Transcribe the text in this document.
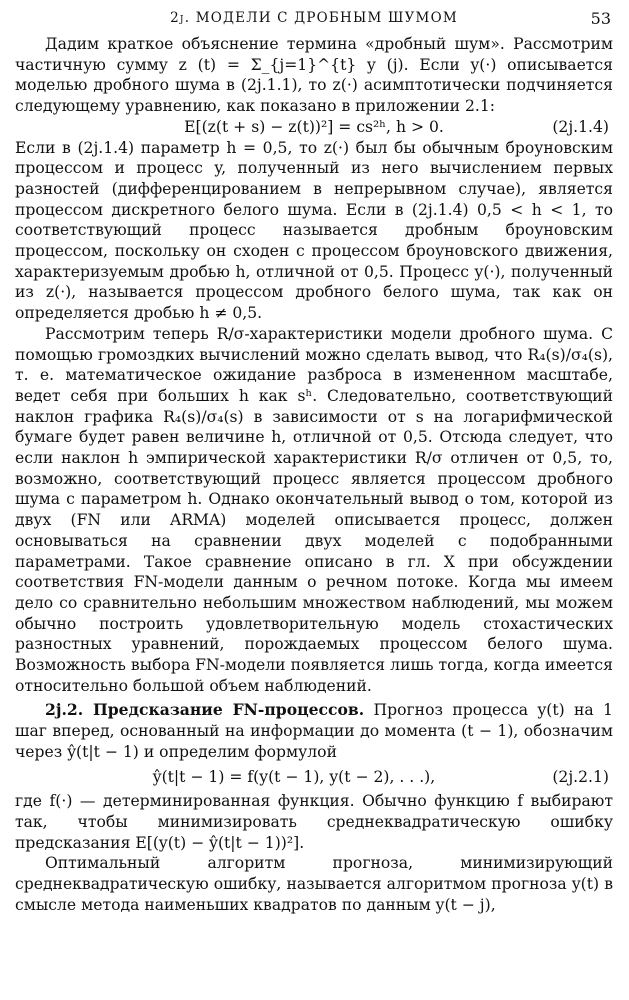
2j. МОДЕЛИ С ДРОБНЫМ ШУМОМ	53

Дадим краткое объяснение термина «дробный шум». Рассмотрим частичную сумму z (t) = Σ_{j=1}^{t} y (j). Если y(·) описывается моделью дробного шума в (2j.1.1), то z(·) асимптотически подчиняется следующему уравнению, как показано в приложении 2.1:

E[(z(t + s) − z(t))²] = cs²ʰ, h > 0.	(2j.1.4)

Если в (2j.1.4) параметр h = 0,5, то z(·) был бы обычным броуновским процессом и процесс y, полученный из него вычислением первых разностей (дифференцированием в непрерывном случае), является процессом дискретного белого шума. Если в (2j.1.4) 0,5 < h < 1, то соответствующий процесс называется дробным броуновским процессом, поскольку он сходен с процессом броуновского движения, характеризуемым дробью h, отличной от 0,5. Процесс y(·), полученный из z(·), называется процессом дробного белого шума, так как он определяется дробью h ≠ 0,5.

Рассмотрим теперь R/σ-характеристики модели дробного шума. С помощью громоздких вычислений можно сделать вывод, что R₄(s)/σ₄(s), т. е. математическое ожидание разброса в измененном масштабе, ведет себя при больших h как sʰ. Следовательно, соответствующий наклон графика R₄(s)/σ₄(s) в зависимости от s на логарифмической бумаге будет равен величине h, отличной от 0,5. Отсюда следует, что если наклон h эмпирической характеристики R/σ отличен от 0,5, то, возможно, соответствующий процесс является процессом дробного шума с параметром h. Однако окончательный вывод о том, которой из двух (FN или ARMA) моделей описывается процесс, должен основываться на сравнении двух моделей с подобранными параметрами. Такое сравнение описано в гл. X при обсуждении соответствия FN-модели данным о речном потоке. Когда мы имеем дело со сравнительно небольшим множеством наблюдений, мы можем обычно построить удовлетворительную модель стохастических разностных уравнений, порождаемых процессом белого шума. Возможность выбора FN-модели появляется лишь тогда, когда имеется относительно большой объем наблюдений.

2j.2. Предсказание FN-процессов. Прогноз процесса y(t) на 1 шаг вперед, основанный на информации до момента (t − 1), обозначим через ŷ(t|t − 1) и определим формулой

ŷ(t|t − 1) = f(y(t − 1), y(t − 2), . . .),	(2j.2.1)

где f(·) — детерминированная функция. Обычно функцию f выбирают так, чтобы минимизировать среднеквадратическую ошибку предсказания E[(y(t) − ŷ(t|t − 1))²].

Оптимальный алгоритм прогноза, минимизирующий среднеквадратическую ошибку, называется алгоритмом прогноза y(t) в смысле метода наименьших квадратов по данным y(t − j),
